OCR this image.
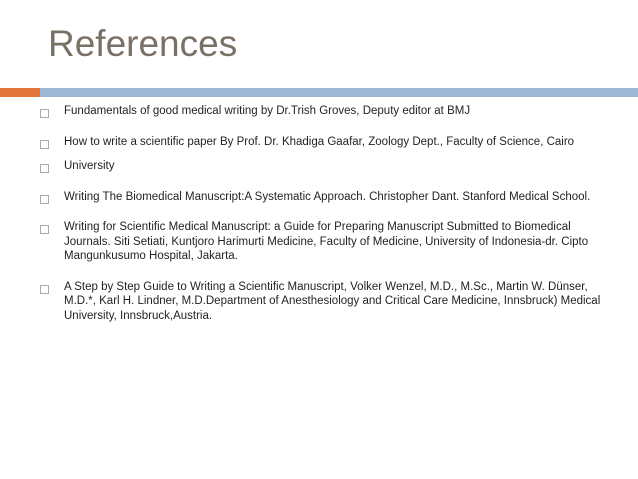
References
Fundamentals of good medical writing by Dr.Trish Groves, Deputy editor at BMJ
How to write a scientific paper By Prof. Dr. Khadiga Gaafar, Zoology Dept., Faculty of Science, Cairo
University
Writing The Biomedical Manuscript:A Systematic Approach. Christopher Dant. Stanford Medical School.
Writing for Scientiﬁc Medical Manuscript: a Guide for Preparing Manuscript Submitted to Biomedical Journals. Siti Setiati, Kuntjoro Harimurti Medicine, Faculty of Medicine, University of Indonesia-dr. Cipto Mangunkusumo Hospital, Jakarta.
A Step by Step Guide to Writing a Scientific Manuscript, Volker Wenzel, M.D., M.Sc., Martin W. Dünser, M.D.*, Karl H. Lindner, M.D.Department of Anesthesiology and Critical Care Medicine, Innsbruck) Medical University, Innsbruck,Austria.
